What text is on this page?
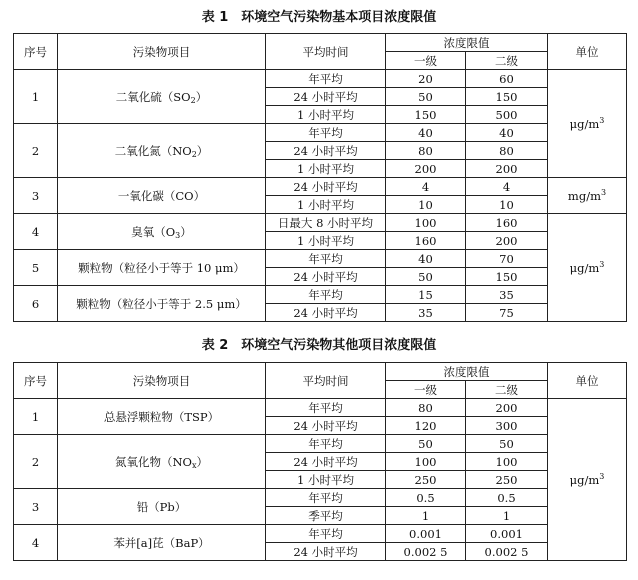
表 1　环境空气污染物基本项目浓度限值
序号	污染物项目	平均时间	浓度限值		单位
			一级	二级	
1	二氧化硫$(SO_2)$	年平均	20	60	$\mu g/m^3$
		24 小时平均	50	150	
		1 小时平均	150	500	
2	二氧化氮$(NO_2)$	年平均	40	40	
		24 小时平均	80	80	
		1 小时平均	200	200	
3	一氧化碳（CO）	24 小时平均	4	4	$mg/m^3$
		1 小时平均	10	10	
4	臭氧$(O_3)$	日最大 8 小时平均	100	160	$\mu g/m^3$
		1 小时平均	160	200	
5	颗粒物（粒径小于等于 10 μm）	年平均	40	70	
		24 小时平均	50	150	
6	颗粒物（粒径小于等于 2.5 μm）	年平均	15	35	
		24 小时平均	35	75	
表 2　环境空气污染物其他项目浓度限值
序号	污染物项目	平均时间	浓度限值		单位
			一级	二级	
1	总悬浮颗粒物（TSP）	年平均	80	200	$\mu g/m^3$
		24 小时平均	120	300	
2	氮氧化物$(NO_x)$	年平均	50	50	
		24 小时平均	100	100	
		1 小时平均	250	250	
3	铅（Pb）	年平均	0.5	0.5	
		季平均	1	1	
4	苯并[a]芘（BaP）	年平均	0.001	0.001	
		24 小时平均	0.002 5	0.002 5	
